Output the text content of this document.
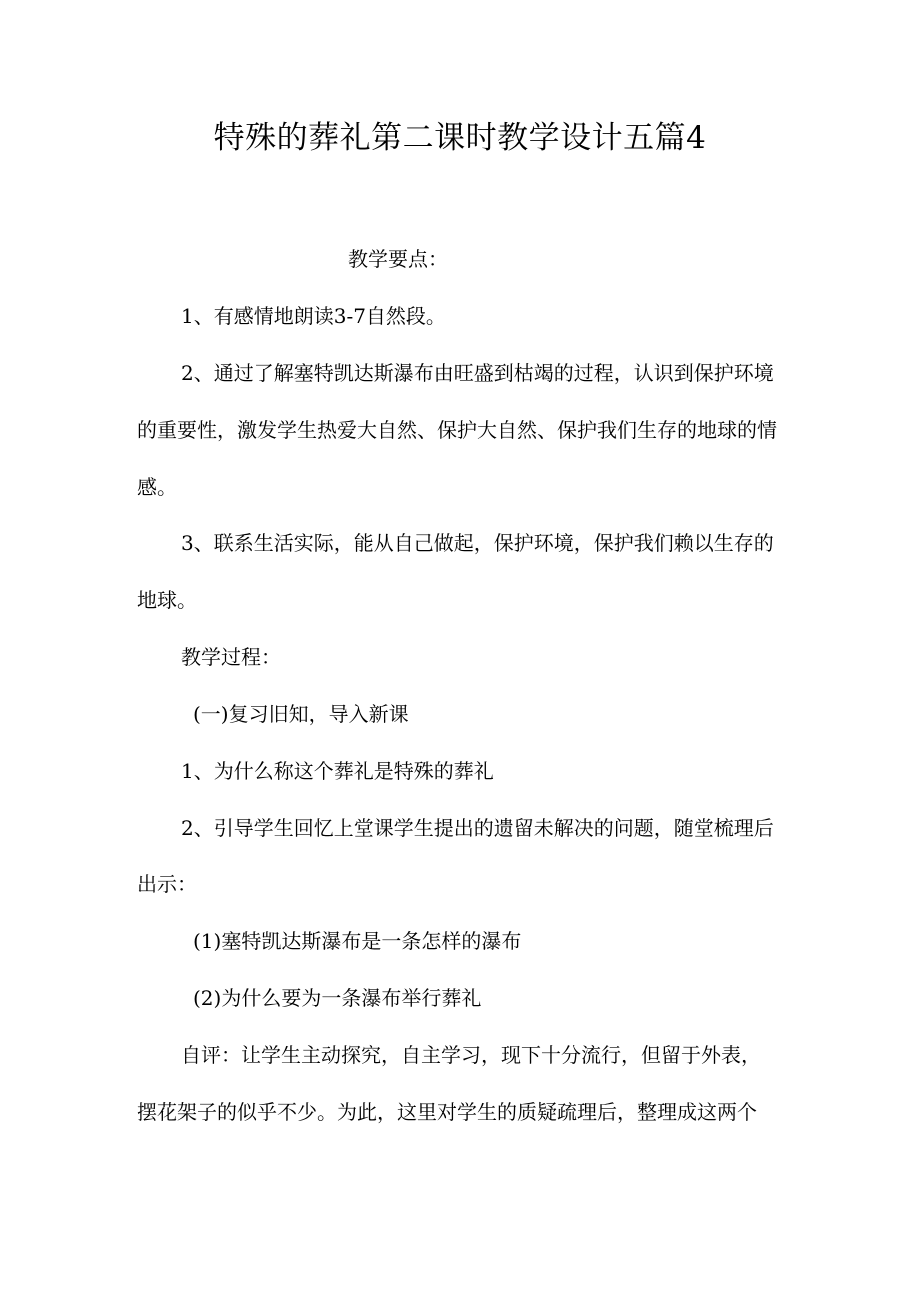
特殊的葬礼第二课时教学设计五篇4

教学要点：

1、有感情地朗读3-7自然段。

2、通过了解塞特凯达斯瀑布由旺盛到枯竭的过程，认识到保护环境

的重要性，激发学生热爱大自然、保护大自然、保护我们生存的地球的情

感。

3、联系生活实际，能从自己做起，保护环境，保护我们赖以生存的

地球。

教学过程：

(一)复习旧知，导入新课

1、为什么称这个葬礼是特殊的葬礼

2、引导学生回忆上堂课学生提出的遗留未解决的问题，随堂梳理后

出示：

(1)塞特凯达斯瀑布是一条怎样的瀑布

(2)为什么要为一条瀑布举行葬礼

自评：让学生主动探究，自主学习，现下十分流行，但留于外表，

摆花架子的似乎不少。为此，这里对学生的质疑疏理后，整理成这两个
